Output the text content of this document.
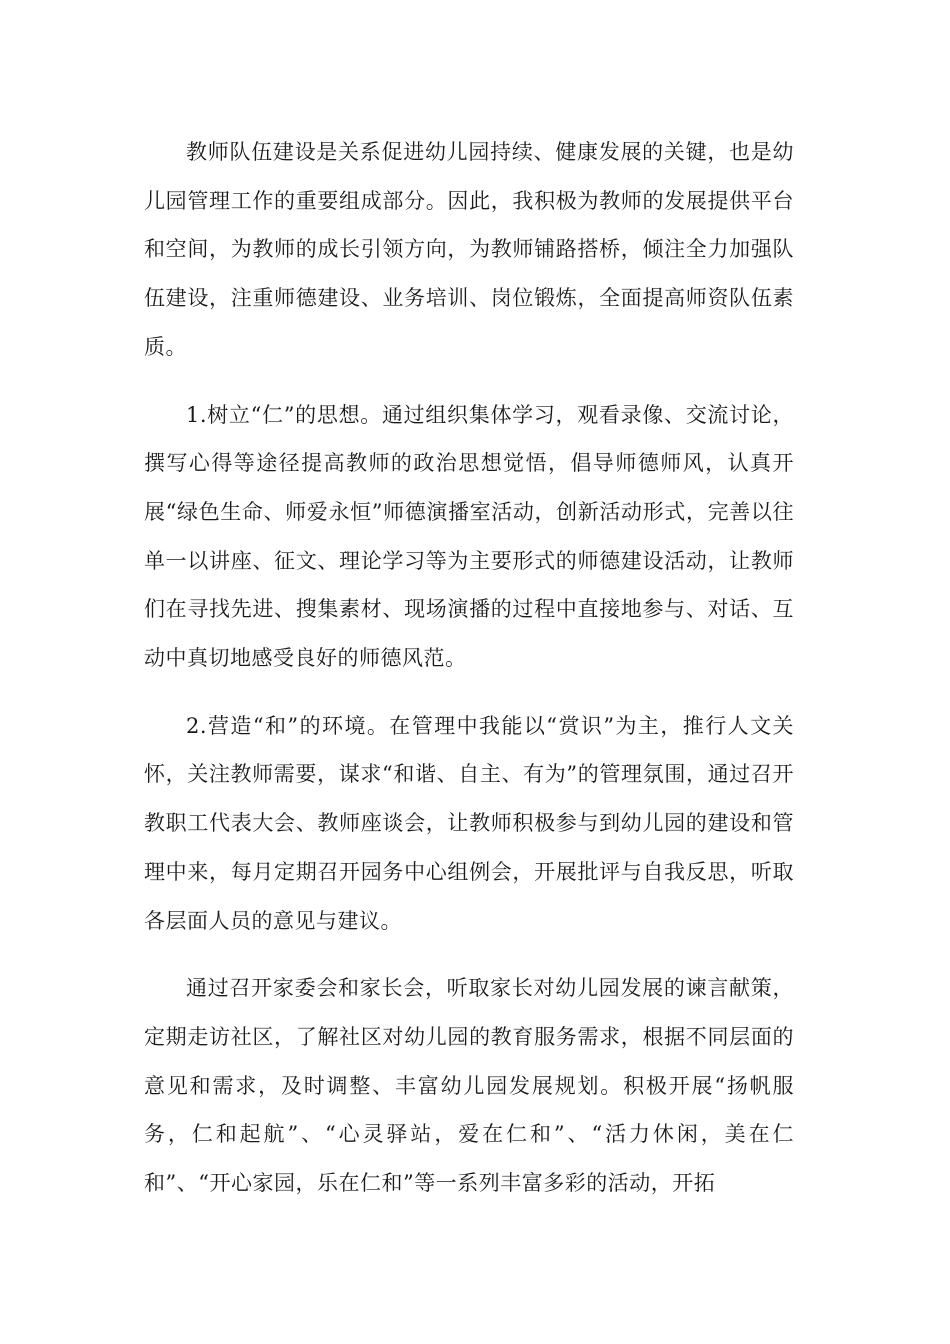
教师队伍建设是关系促进幼儿园持续、健康发展的关键，也是幼儿园管理工作的重要组成部分。因此，我积极为教师的发展提供平台和空间，为教师的成长引领方向，为教师铺路搭桥，倾注全力加强队伍建设，注重师德建设、业务培训、岗位锻炼，全面提高师资队伍素质。

1.树立“仁”的思想。通过组织集体学习，观看录像、交流讨论，撰写心得等途径提高教师的政治思想觉悟，倡导师德师风，认真开展“绿色生命、师爱永恒”师德演播室活动，创新活动形式，完善以往单一以讲座、征文、理论学习等为主要形式的师德建设活动，让教师们在寻找先进、搜集素材、现场演播的过程中直接地参与、对话、互动中真切地感受良好的师德风范。

2.营造“和”的环境。在管理中我能以“赏识”为主，推行人文关怀，关注教师需要，谋求“和谐、自主、有为”的管理氛围，通过召开教职工代表大会、教师座谈会，让教师积极参与到幼儿园的建设和管理中来，每月定期召开园务中心组例会，开展批评与自我反思，听取各层面人员的意见与建议。

通过召开家委会和家长会，听取家长对幼儿园发展的谏言献策，定期走访社区，了解社区对幼儿园的教育服务需求，根据不同层面的意见和需求，及时调整、丰富幼儿园发展规划。积极开展“扬帆服务，仁和起航”、“心灵驿站，爱在仁和”、“活力休闲，美在仁和”、“开心家园，乐在仁和”等一系列丰富多彩的活动，开拓
